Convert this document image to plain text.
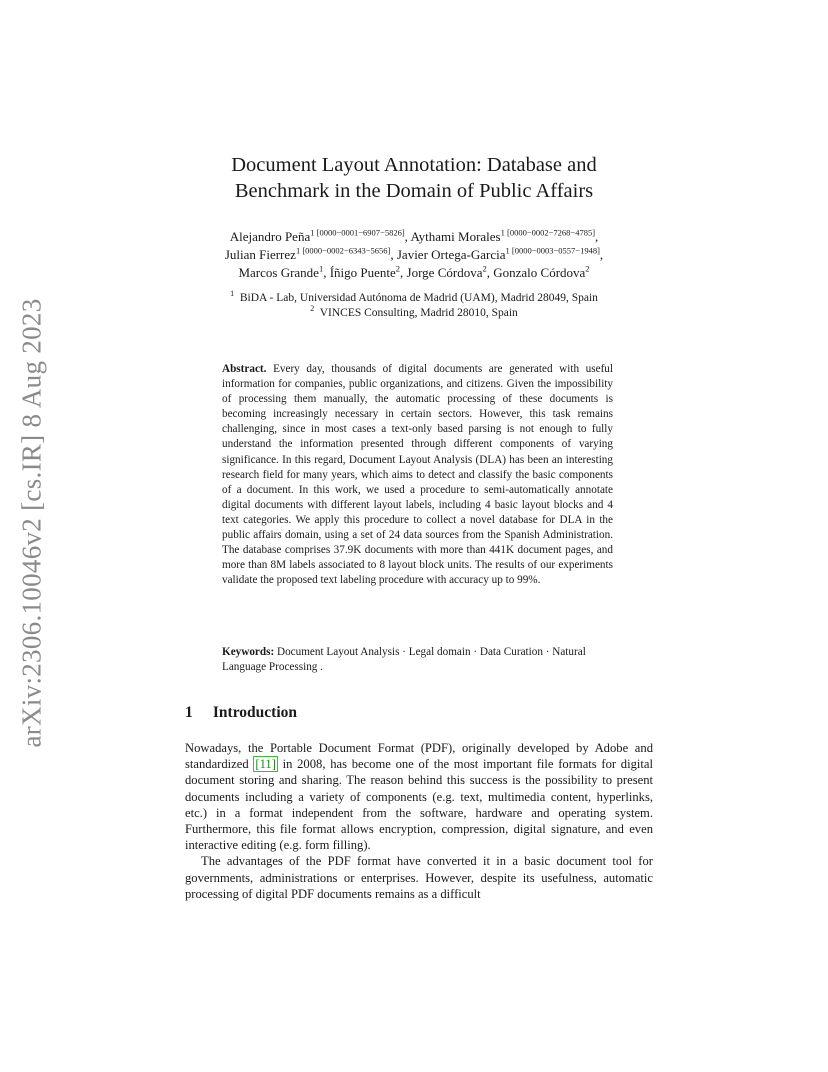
arXiv:2306.10046v2 [cs.IR] 8 Aug 2023
Document Layout Annotation: Database and
Benchmark in the Domain of Public Affairs
Alejandro Peña$^{1 [0000-0001-6907-5826]}$, Aythami Morales$^{1 [0000-0002-7268-4785]}$,
Julian Fierrez$^{1 [0000-0002-6343-5656]}$, Javier Ortega-Garcia$^{1 [0000-0003-0557-1948]}$,
Marcos Grande$^1$, Íñigo Puente$^2$, Jorge Córdova$^2$, Gonzalo Córdova$^2$
$^1$ BiDA - Lab, Universidad Autónoma de Madrid (UAM), Madrid 28049, Spain
$^2$ VINCES Consulting, Madrid 28010, Spain
Abstract. Every day, thousands of digital documents are generated with useful information for companies, public organizations, and citizens. Given the impossibility of processing them manually, the automatic processing of these documents is becoming increasingly necessary in certain sectors. However, this task remains challenging, since in most cases a text-only based parsing is not enough to fully understand the information presented through different components of varying significance. In this regard, Document Layout Analysis (DLA) has been an interesting research field for many years, which aims to detect and classify the basic components of a document. In this work, we used a procedure to semi-automatically annotate digital documents with different layout labels, including 4 basic layout blocks and 4 text categories. We apply this procedure to collect a novel database for DLA in the public affairs domain, using a set of 24 data sources from the Spanish Administration. The database comprises 37.9K documents with more than 441K document pages, and more than 8M labels associated to 8 layout block units. The results of our experiments validate the proposed text labeling procedure with accuracy up to 99%.
Keywords: Document Layout Analysis · Legal domain · Data Curation · Natural Language Processing .
1 Introduction

Nowadays, the Portable Document Format (PDF), originally developed by Adobe and standardized [11] in 2008, has become one of the most important file formats for digital document storing and sharing. The reason behind this success is the possibility to present documents including a variety of components (e.g. text, multimedia content, hyperlinks, etc.) in a format independent from the software, hardware and operating system. Furthermore, this file format allows encryption, compression, digital signature, and even interactive editing (e.g. form filling).

The advantages of the PDF format have converted it in a basic document tool for governments, administrations or enterprises. However, despite its usefulness, automatic processing of digital PDF documents remains as a difficult
